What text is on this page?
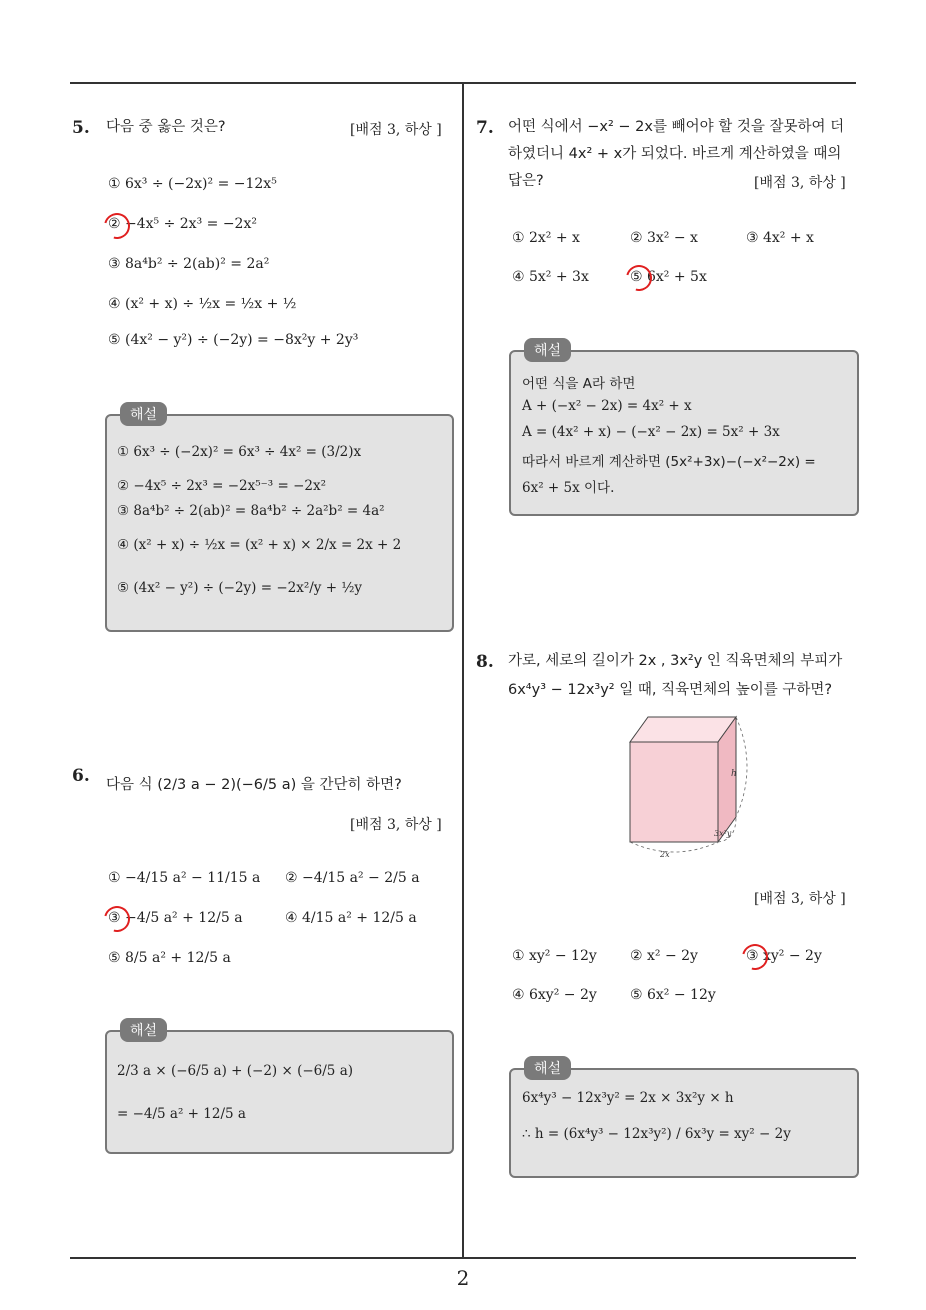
2
5. 다음 중 옳은 것은?	[배점 3, 하상 ]
① 6x³ ÷ (−2x)² = −12x⁵
② −4x⁵ ÷ 2x³ = −2x²
③ 8a⁴b² ÷ 2(ab)² = 2a²
④ (x² + x) ÷ ½x = ½x + ½
⑤ (4x² − y²) ÷ (−2y) = −8x²y + 2y³
해설
① 6x³ ÷ (−2x)² = 6x³ ÷ 4x² = (3/2)x
② −4x⁵ ÷ 2x³ = −2x⁵⁻³ = −2x²
③ 8a⁴b² ÷ 2(ab)² = 8a⁴b² ÷ 2a²b² = 4a²
④ (x² + x) ÷ ½x = (x² + x) × 2/x = 2x + 2
⑤ (4x² − y²) ÷ (−2y) = −2x²/y + ½y
6. 다음 식 (2/3 a − 2)(−6/5 a) 을 간단히 하면?
[배점 3, 하상 ]
① −4/15 a² − 11/15 a ② −4/15 a² − 2/5 a
③ −4/5 a² + 12/5 a	④ 4/15 a² + 12/5 a
⑤ 8/5 a² + 12/5 a
해설
2/3 a × (−6/5 a) + (−2) × (−6/5 a)
= −4/5 a² + 12/5 a
7. 어떤 식에서 −x² − 2x를 빼어야 할 것을 잘못하여 더
하였더니 4x² + x가 되었다. 바르게 계산하였을 때의
답은?	[배점 3, 하상 ]
① 2x² + x	② 3x² − x	③ 4x² + x
④ 5x² + 3x	⑤ 6x² + 5x
해설
어떤 식을 A라 하면
A + (−x² − 2x) = 4x² + x
A = (4x² + x) − (−x² − 2x) = 5x² + 3x
따라서 바르게 계산하면 (5x²+3x)−(−x²−2x) =
6x² + 5x 이다.
8. 가로, 세로의 길이가 2x , 3x²y 인 직육면체의 부피가
6x⁴y³ − 12x³y² 일 때, 직육면체의 높이를 구하면?
h
3x²y
2x
[배점 3, 하상 ]
① xy² − 12y ② x² − 2y	③ xy² − 2y
④ 6xy² − 2y ⑤ 6x² − 12y
해설
6x⁴y³ − 12x³y² = 2x × 3x²y × h
∴ h = (6x⁴y³ − 12x³y²) / 6x³y = xy² − 2y
